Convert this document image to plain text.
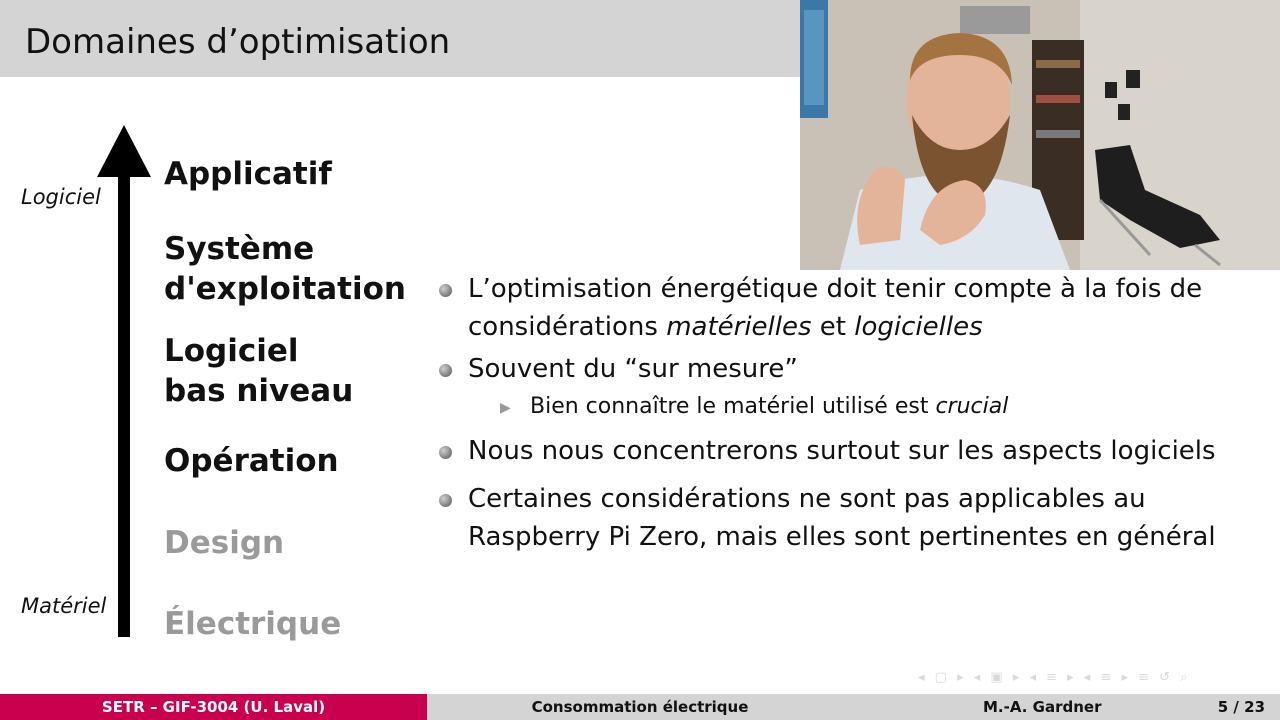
Domaines d’optimisation
Logiciel
Matériel
Applicatif
Système
d'exploitation
Logiciel
bas niveau
Opération
Design
Électrique
L’optimisation énergétique doit tenir compte à la fois de considérations matérielles et logicielles
Souvent du “sur mesure”
▶ Bien connaître le matériel utilisé est crucial
Nous nous concentrerons surtout sur les aspects logiciels
Certaines considérations ne sont pas applicables au Raspberry Pi Zero, mais elles sont pertinentes en général
◂ ▢ ▸ ◂ ▣ ▸ ◂ ≡ ▸ ◂ ≡ ▸ ≡ ↺ ⌕
SETR – GIF-3004 (U. Laval)	Consommation électrique	M.-A. Gardner	5 / 23
